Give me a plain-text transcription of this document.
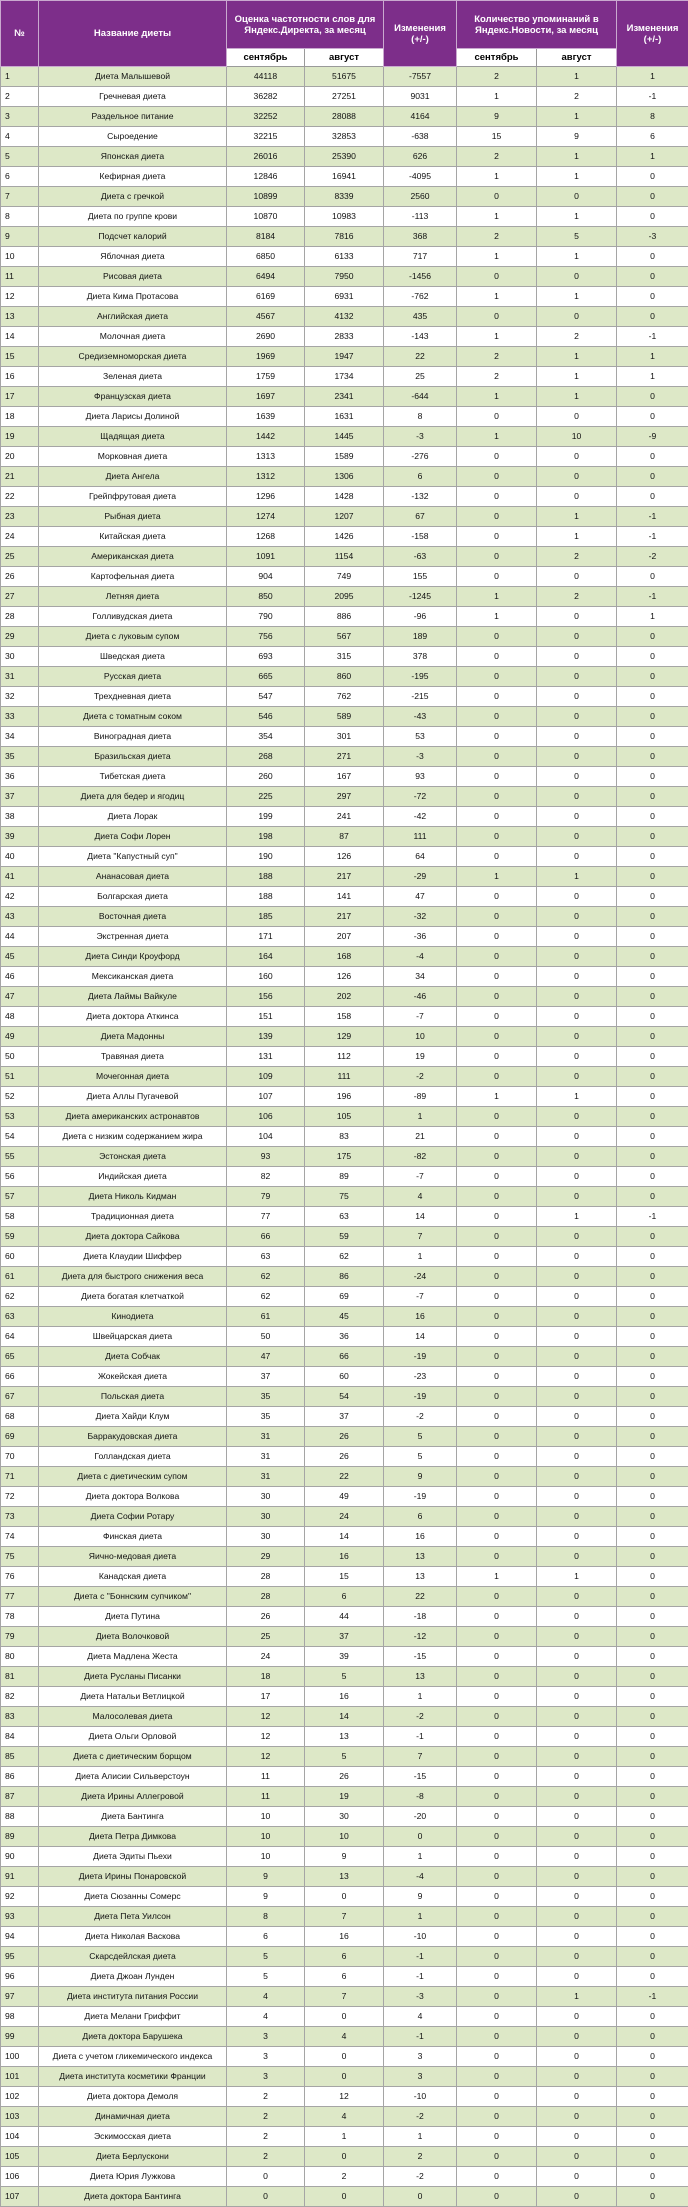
№	Название диеты	Оценка частотности слов для Яндекс.Директа, за месяц		Изменения (+/-)	Количество упоминаний в Яндекс.Новости, за месяц		Изменения (+/-)
		сентябрь	август		сентябрь	август	
1	Диета Малышевой	44118	51675	-7557	2	1	1
2	Гречневая диета	36282	27251	9031	1	2	-1
3	Раздельное питание	32252	28088	4164	9	1	8
4	Сыроедение	32215	32853	-638	15	9	6
5	Японская диета	26016	25390	626	2	1	1
6	Кефирная диета	12846	16941	-4095	1	1	0
7	Диета с гречкой	10899	8339	2560	0	0	0
8	Диета по группе крови	10870	10983	-113	1	1	0
9	Подсчет калорий	8184	7816	368	2	5	-3
10	Яблочная диета	6850	6133	717	1	1	0
11	Рисовая диета	6494	7950	-1456	0	0	0
12	Диета Кима Протасова	6169	6931	-762	1	1	0
13	Английская диета	4567	4132	435	0	0	0
14	Молочная диета	2690	2833	-143	1	2	-1
15	Средиземноморская диета	1969	1947	22	2	1	1
16	Зеленая диета	1759	1734	25	2	1	1
17	Французская диета	1697	2341	-644	1	1	0
18	Диета Ларисы Долиной	1639	1631	8	0	0	0
19	Щадящая диета	1442	1445	-3	1	10	-9
20	Морковная диета	1313	1589	-276	0	0	0
21	Диета Ангела	1312	1306	6	0	0	0
22	Грейпфрутовая диета	1296	1428	-132	0	0	0
23	Рыбная диета	1274	1207	67	0	1	-1
24	Китайская диета	1268	1426	-158	0	1	-1
25	Американская диета	1091	1154	-63	0	2	-2
26	Картофельная диета	904	749	155	0	0	0
27	Летняя диета	850	2095	-1245	1	2	-1
28	Голливудская диета	790	886	-96	1	0	1
29	Диета с луковым супом	756	567	189	0	0	0
30	Шведская диета	693	315	378	0	0	0
31	Русская диета	665	860	-195	0	0	0
32	Трехдневная диета	547	762	-215	0	0	0
33	Диета с томатным соком	546	589	-43	0	0	0
34	Виноградная диета	354	301	53	0	0	0
35	Бразильская диета	268	271	-3	0	0	0
36	Тибетская диета	260	167	93	0	0	0
37	Диета для бедер и ягодиц	225	297	-72	0	0	0
38	Диета Лорак	199	241	-42	0	0	0
39	Диета Софи Лорен	198	87	111	0	0	0
40	Диета "Капустный суп"	190	126	64	0	0	0
41	Ананасовая диета	188	217	-29	1	1	0
42	Болгарская диета	188	141	47	0	0	0
43	Восточная диета	185	217	-32	0	0	0
44	Экстренная диета	171	207	-36	0	0	0
45	Диета Синди Кроуфорд	164	168	-4	0	0	0
46	Мексиканская диета	160	126	34	0	0	0
47	Диета Лаймы Вайкуле	156	202	-46	0	0	0
48	Диета доктора Аткинса	151	158	-7	0	0	0
49	Диета Мадонны	139	129	10	0	0	0
50	Травяная диета	131	112	19	0	0	0
51	Мочегонная диета	109	111	-2	0	0	0
52	Диета Аллы Пугачевой	107	196	-89	1	1	0
53	Диета американских астронавтов	106	105	1	0	0	0
54	Диета с низким содержанием жира	104	83	21	0	0	0
55	Эстонская диета	93	175	-82	0	0	0
56	Индийская диета	82	89	-7	0	0	0
57	Диета Николь Кидман	79	75	4	0	0	0
58	Традиционная диета	77	63	14	0	1	-1
59	Диета доктора Сайкова	66	59	7	0	0	0
60	Диета Клаудии Шиффер	63	62	1	0	0	0
61	Диета для быстрого снижения веса	62	86	-24	0	0	0
62	Диета богатая клетчаткой	62	69	-7	0	0	0
63	Кинодиета	61	45	16	0	0	0
64	Швейцарская диета	50	36	14	0	0	0
65	Диета Собчак	47	66	-19	0	0	0
66	Жокейская диета	37	60	-23	0	0	0
67	Польская диета	35	54	-19	0	0	0
68	Диета Хайди Клум	35	37	-2	0	0	0
69	Барракудовская диета	31	26	5	0	0	0
70	Голландская диета	31	26	5	0	0	0
71	Диета с диетическим супом	31	22	9	0	0	0
72	Диета доктора Волкова	30	49	-19	0	0	0
73	Диета Софии Ротару	30	24	6	0	0	0
74	Финская диета	30	14	16	0	0	0
75	Яично-медовая диета	29	16	13	0	0	0
76	Канадская диета	28	15	13	1	1	0
77	Диета с "Боннским супчиком"	28	6	22	0	0	0
78	Диета Путина	26	44	-18	0	0	0
79	Диета Волочковой	25	37	-12	0	0	0
80	Диета Мадлена Жеста	24	39	-15	0	0	0
81	Диета Русланы Писанки	18	5	13	0	0	0
82	Диета Натальи Ветлицкой	17	16	1	0	0	0
83	Малосолевая диета	12	14	-2	0	0	0
84	Диета Ольги Орловой	12	13	-1	0	0	0
85	Диета с диетическим борщом	12	5	7	0	0	0
86	Диета Алисии Сильверстоун	11	26	-15	0	0	0
87	Диета Ирины Аллегровой	11	19	-8	0	0	0
88	Диета Бантинга	10	30	-20	0	0	0
89	Диета Петра Димкова	10	10	0	0	0	0
90	Диета Эдиты Пьехи	10	9	1	0	0	0
91	Диета Ирины Понаровской	9	13	-4	0	0	0
92	Диета Сюзанны Сомерс	9	0	9	0	0	0
93	Диета Пета Уилсон	8	7	1	0	0	0
94	Диета Николая Васкова	6	16	-10	0	0	0
95	Скарсдейлская диета	5	6	-1	0	0	0
96	Диета Джоан Лунден	5	6	-1	0	0	0
97	Диета института питания России	4	7	-3	0	1	-1
98	Диета Мелани Гриффит	4	0	4	0	0	0
99	Диета доктора Барушека	3	4	-1	0	0	0
100	Диета с учетом гликемического индекса	3	0	3	0	0	0
101	Диета института косметики Франции	3	0	3	0	0	0
102	Диета доктора Демоля	2	12	-10	0	0	0
103	Динамичная диета	2	4	-2	0	0	0
104	Эскимосская диета	2	1	1	0	0	0
105	Диета Берлускони	2	0	2	0	0	0
106	Диета Юрия Лужкова	0	2	-2	0	0	0
107	Диета доктора Бантинга	0	0	0	0	0	0
